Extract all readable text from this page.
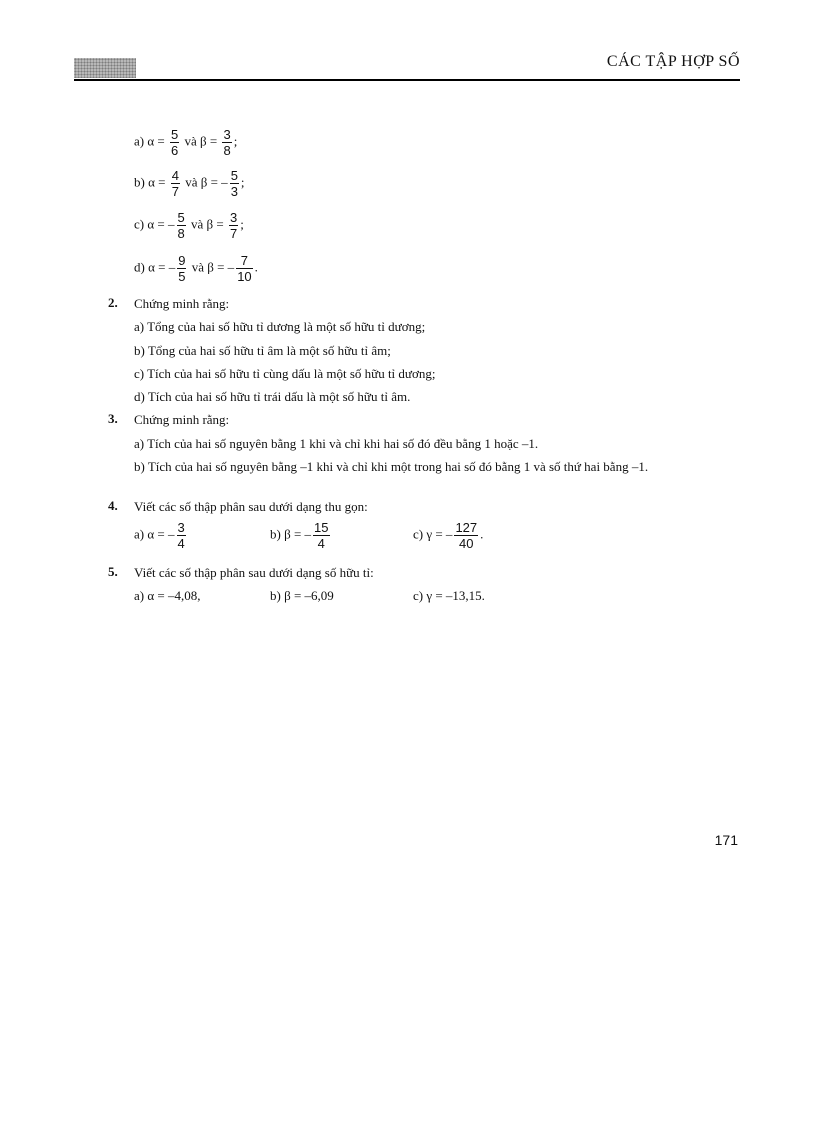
CÁC TẬP HỢP SỐ
a) $\alpha = \frac{5}{6}$ và $\beta = \frac{3}{8}$ ;
b) $\alpha = \frac{4}{7}$ và β = – $\frac{5}{3}$ ;
c) α = – $\frac{5}{8}$ và $\beta = \frac{3}{7}$ ;
d) α = – $\frac{9}{5}$ và β = – $\frac{7}{10}$ .
2. Chứng minh rằng:
a) Tổng của hai số hữu tỉ dương là một số hữu tỉ dương;
b) Tổng của hai số hữu tỉ âm là một số hữu tỉ âm;
c) Tích của hai số hữu tỉ cùng dấu là một số hữu tỉ dương;
d) Tích của hai số hữu tỉ trái dấu là một số hữu tỉ âm.
3. Chứng minh rằng:
a) Tích của hai số nguyên bằng 1 khi và chỉ khi hai số đó đều bằng 1 hoặc –1.
b) Tích của hai số nguyên bằng –1 khi và chỉ khi một trong hai số đó bằng 1 và số thứ hai bằng –1.
4. Viết các số thập phân sau dưới dạng thu gọn:
a) α = – $\frac{3}{4}$	b) β = – $\frac{15}{4}$	c) γ = – $\frac{127}{40}$ .
5. Viết các số thập phân sau dưới dạng số hữu tỉ:
a) α = –4,08,	b) β = –6,09	c) γ = –13,15.
171
